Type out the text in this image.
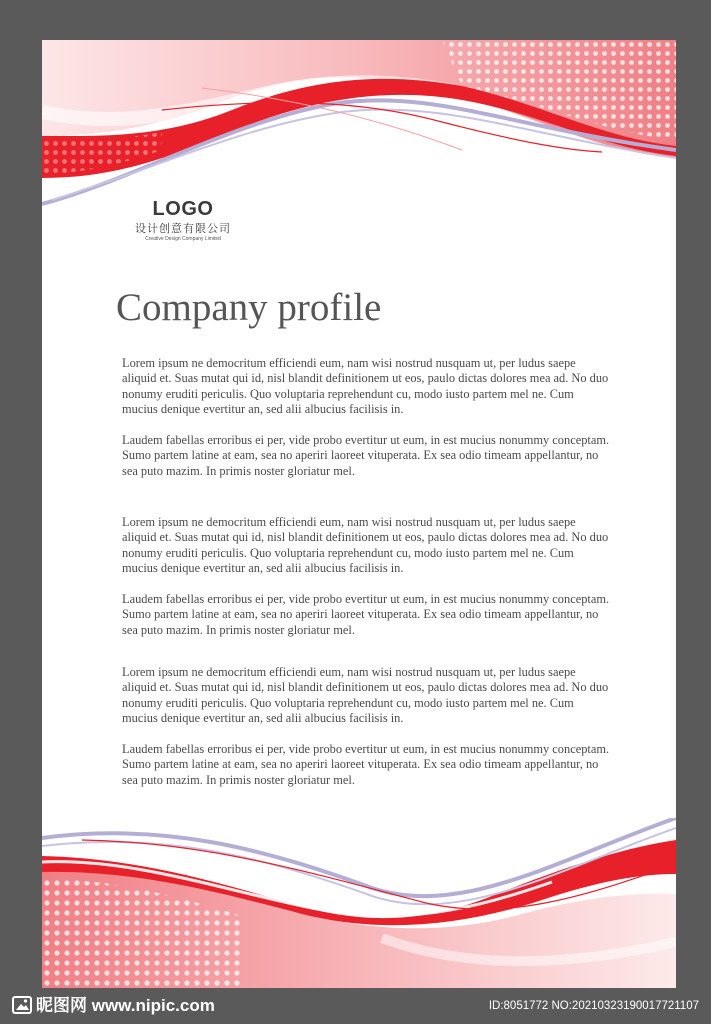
LOGO
设计创意有限公司
Creative Design Company Limited
Company profile

Lorem ipsum ne democritum efficiendi eum, nam wisi nostrud nusquam ut, per ludus saepe aliquid et. Suas mutat qui id, nisl blandit definitionem ut eos, paulo dictas dolores mea ad. No duo nonumy eruditi periculis. Quo voluptaria reprehendunt cu, modo iusto partem mel ne. Cum mucius denique evertitur an, sed alii albucius facilisis in.

Laudem fabellas erroribus ei per, vide probo evertitur ut eum, in est mucius nonummy conceptam. Sumo partem latine at eam, sea no aperiri laoreet vituperata. Ex sea odio timeam appellantur, no sea puto mazim. In primis noster gloriatur mel.

Lorem ipsum ne democritum efficiendi eum, nam wisi nostrud nusquam ut, per ludus saepe aliquid et. Suas mutat qui id, nisl blandit definitionem ut eos, paulo dictas dolores mea ad. No duo nonumy eruditi periculis. Quo voluptaria reprehendunt cu, modo iusto partem mel ne. Cum mucius denique evertitur an, sed alii albucius facilisis in.

Laudem fabellas erroribus ei per, vide probo evertitur ut eum, in est mucius nonummy conceptam. Sumo partem latine at eam, sea no aperiri laoreet vituperata. Ex sea odio timeam appellantur, no sea puto mazim. In primis noster gloriatur mel.

Lorem ipsum ne democritum efficiendi eum, nam wisi nostrud nusquam ut, per ludus saepe aliquid et. Suas mutat qui id, nisl blandit definitionem ut eos, paulo dictas dolores mea ad. No duo nonumy eruditi periculis. Quo voluptaria reprehendunt cu, modo iusto partem mel ne. Cum mucius denique evertitur an, sed alii albucius facilisis in.

Laudem fabellas erroribus ei per, vide probo evertitur ut eum, in est mucius nonummy conceptam. Sumo partem latine at eam, sea no aperiri laoreet vituperata. Ex sea odio timeam appellantur, no sea puto mazim. In primis noster gloriatur mel.

昵图网 www.nipic.com	ID:8051772 NO:20210323190017721107
